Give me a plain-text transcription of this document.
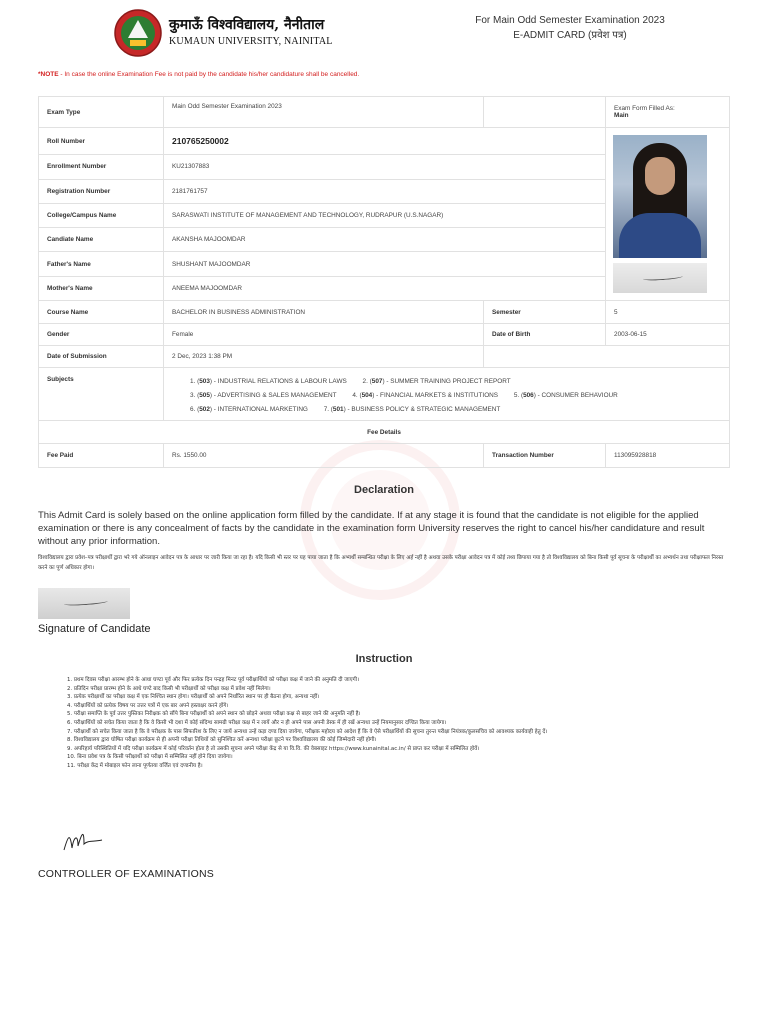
कुमाऊँ विश्वविद्यालय, नैनीताल
KUMAUN UNIVERSITY, NAINITAL
For Main Odd Semester Examination 2023
E-ADMIT CARD (प्रवेश पत्र)
*NOTE - In case the online Examination Fee is not paid by the candidate his/her candidature shall be cancelled.
Exam Type	Main Odd Semester Examination 2023		Exam Form Filled As:
Main

Roll Number	210765250002		

Enrollment Number	KU21307883		
Registration Number	2181761757		
College/Campus Name	SARASWATI INSTITUTE OF MANAGEMENT AND TECHNOLOGY, RUDRAPUR (U.S.NAGAR)		
Candiate Name	AKANSHA MAJOOMDAR		
Father's Name	SHUSHANT MAJOOMDAR		
Mother's Name	ANEEMA MAJOOMDAR		
Course Name	BACHELOR IN BUSINESS ADMINISTRATION	Semester	5
Gender	Female	Date of Birth	2003-06-15
Date of Submission	2 Dec, 2023 1:38 PM		
Subjects	1. (503) - INDUSTRIAL RELATIONS & LABOUR LAWS 2. (507) - SUMMER TRAINING PROJECT REPORT
3. (505) - ADVERTISING & SALES MANAGEMENT 4. (504) - FINANCIAL MARKETS & INSTITUTIONS 5. (506) - CONSUMER BEHAVIOUR
6. (502) - INTERNATIONAL MARKETING 7. (501) - BUSINESS POLICY & STRATEGIC MANAGEMENT		

Fee Details			
Fee Paid	Rs. 1550.00	Transaction Number	113095928818
Declaration
This Admit Card is solely based on the online application form filled by the candidate. If at any stage it is found that the candidate is not eligible for the applied examination or there is any concealment of facts by the candidate in the examination form University reserves the right to cancel his/her candidature and result without any prior information.
विश्वविद्यालय द्वारा प्रवेश–पत्र परीक्षार्थी द्वारा भरे गये ऑनलाइन आवेदन पत्र के आधार पर जारी किया जा रहा है। यदि किसी भी स्तर पर यह पाया जाता है कि अभ्यर्थी सम्बन्धित परीक्षा के लिए अर्ह नहीं है अथवा उसके परीक्षा आवेदन पत्र में कोई तथ्य छिपाया गया है तो विश्वविद्यालय को बिना किसी पूर्व सूचना के परीक्षार्थी का अभ्यर्थन तथा परीक्षाफल निरस्त करने का पूर्ण अधिकार होगा।
Signature of Candidate
Instruction
1. प्रथम दिवस परीक्षा आरम्भ होने के आधा घण्टा पूर्व और फिर प्रत्येक दिन पन्द्रह मिनट पूर्व परीक्षार्थियों को परीक्षा कक्ष में जाने की अनुमति दी जाएगी।
2. प्रतिदिन परीक्षा प्रारम्भ होने के आधे घण्टे बाद किसी भी परीक्षार्थी को परीक्षा कक्ष में प्रवेश नहीं मिलेगा।
3. प्रत्येक परीक्षार्थी का परीक्षा कक्ष में एक निश्चित स्थान होगा। परीक्षार्थी को अपने निर्धारित स्थान पर ही बैठना होगा, अन्यथा नहीं।
4. परीक्षार्थियों को प्रत्येक विषय पर उत्तर पत्रों में एक बार अपने हस्ताक्षर करने होंगे।
5. परीक्षा समाप्ति के पूर्व उत्तर पुस्तिका निरीक्षक को सौंपे बिना परीक्षार्थी को अपने स्थान को छोड़ने अथवा परीक्षा कक्ष से बाहर जाने की अनुमति नहीं है।
6. परीक्षार्थियों को सचेत किया जाता है कि वे किसी भी दशा में कोई संदिग्ध सामग्री परीक्षा कक्ष में न लायें और न ही अपने पास अपनी डेस्क में ही रखें अन्यथा उन्हें नियमानुसार दण्डित किया जायेगा।
7. परीक्षार्थी को सचेत किया जाता है कि वे परीक्षक के पास सिफारिश के लिए न जायें अन्यथा उन्हें कड़ा दण्ड दिया जायेगा, परीक्षक महोदय को आदेश हैं कि वे ऐसे परीक्षार्थियों की सूचना तुरन्त परीक्षा नियंत्रक/कुलसचिव को आवश्यक कार्यवाही हेतु दें।
8. विश्वविद्यालय द्वारा घोषित परीक्षा कार्यक्रम से ही अपनी परीक्षा तिथियों को सुनिश्चित करें अन्यथा परीक्षा छूटने पर विश्वविद्यालय की कोई जिम्मेदारी नहीं होगी।
9. अपरिहार्य परिस्थितियों में यदि परीक्षा कार्यक्रम में कोई परिवर्तन होता है तो उसकी सूचना अपने परीक्षा केंद्र से या वि.वि. की वेबसाइट https://www.kunainital.ac.in/ से प्राप्त कर परीक्षा में सम्मिलित होवें।
10. बिना प्रवेश पत्र के किसी परीक्षार्थी को परीक्षा में सम्मिलित नहीं होने दिया जायेगा।
11. परीक्षा केंद्र में मोबाइल फोन लाना पूर्णतया वर्जित एवं दण्डनीय है।
CONTROLLER OF EXAMINATIONS
